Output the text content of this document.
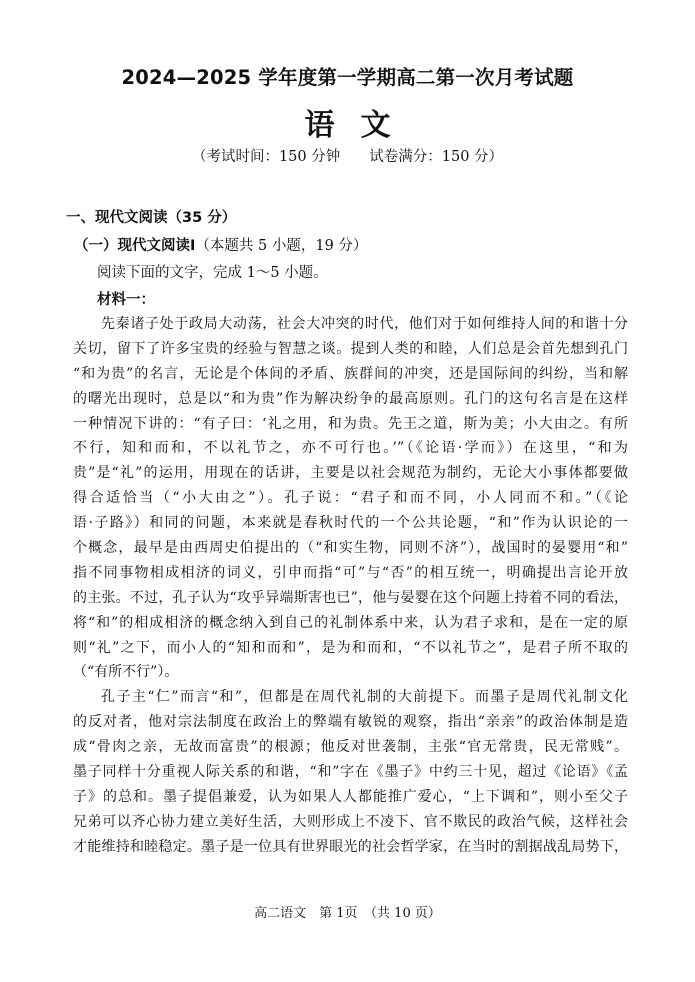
2024—2025 学年度第一学期高二第一次月考试题
语文
（考试时间：150 分钟　　试卷满分：150 分）
一、现代文阅读（35 分）
（一）现代文阅读Ⅰ（本题共 5 小题，19 分）
阅读下面的文字，完成 1～5 小题。
材料一：
先秦诸子处于政局大动荡，社会大冲突的时代，他们对于如何维持人间的和谐十分
关切，留下了许多宝贵的经验与智慧之谈。提到人类的和睦，人们总是会首先想到孔门
“和为贵”的名言，无论是个体间的矛盾、族群间的冲突，还是国际间的纠纷，当和解
的曙光出现时，总是以“和为贵”作为解决纷争的最高原则。孔门的这句名言是在这样
一种情况下讲的：“有子曰：‘礼之用，和为贵。先王之道，斯为美；小大由之。有所
不行，知和而和，不以礼节之，亦不可行也。’”（《论语·学而》）在这里，“和为
贵”是“礼”的运用，用现在的话讲，主要是以社会规范为制约，无论大小事体都要做
得合适恰当（“小大由之”）。孔子说：“君子和而不同，小人同而不和。”（《论
语·子路》）和同的问题，本来就是春秋时代的一个公共论题，“和”作为认识论的一
个概念，最早是由西周史伯提出的（“和实生物，同则不济”），战国时的晏婴用“和”
指不同事物相成相济的词义，引申而指“可”与“否”的相互统一，明确提出言论开放
的主张。不过，孔子认为“攻乎异端斯害也已”，他与晏婴在这个问题上持着不同的看法，
将“和”的相成相济的概念纳入到自己的礼制体系中来，认为君子求和，是在一定的原
则“礼”之下，而小人的“知和而和”，是为和而和，“不以礼节之”，是君子所不取的
（“有所不行”）。
孔子主“仁”而言“和”，但都是在周代礼制的大前提下。而墨子是周代礼制文化
的反对者，他对宗法制度在政治上的弊端有敏锐的观察，指出“亲亲”的政治体制是造
成“骨肉之亲，无故而富贵”的根源；他反对世袭制，主张“官无常贵，民无常贱”。
墨子同样十分重视人际关系的和谐，“和”字在《墨子》中约三十见，超过《论语》《孟
子》的总和。墨子提倡兼爱，认为如果人人都能推广爱心，“上下调和”，则小至父子
兄弟可以齐心协力建立美好生活，大则形成上不凌下、官不欺民的政治气候，这样社会
才能维持和睦稳定。墨子是一位具有世界眼光的社会哲学家，在当时的割据战乱局势下，
高二语文　第 1页　（共 10 页）
